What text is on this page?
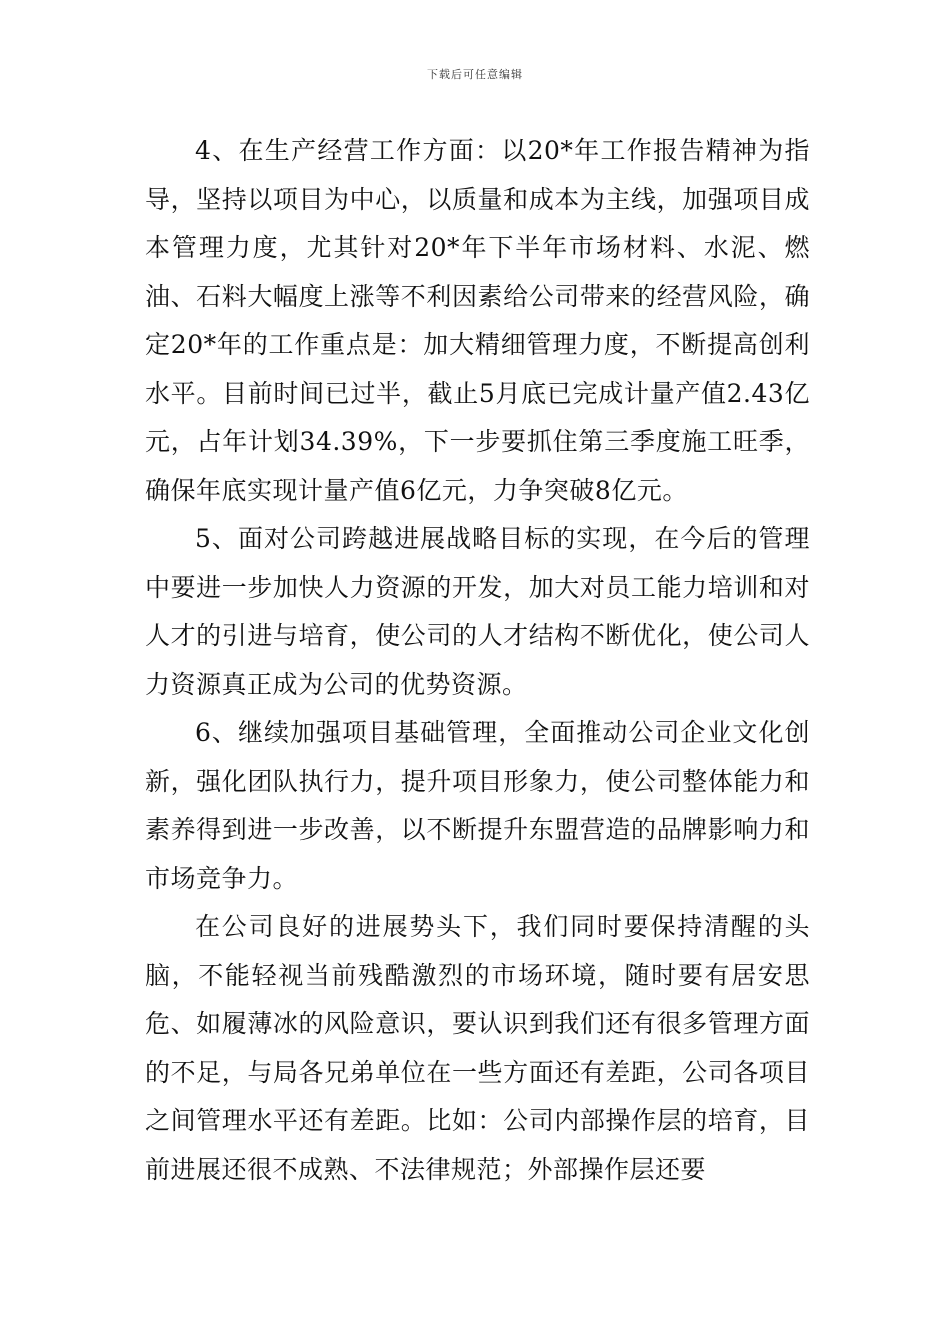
下载后可任意编辑

4、在生产经营工作方面：以20*年工作报告精神为指导，坚持以项目为中心，以质量和成本为主线，加强项目成本管理力度，尤其针对20*年下半年市场材料、水泥、燃油、石料大幅度上涨等不利因素给公司带来的经营风险，确定20*年的工作重点是：加大精细管理力度，不断提高创利水平。目前时间已过半，截止5月底已完成计量产值2.43亿元，占年计划34.39%，下一步要抓住第三季度施工旺季，确保年底实现计量产值6亿元，力争突破8亿元。

5、面对公司跨越进展战略目标的实现，在今后的管理中要进一步加快人力资源的开发，加大对员工能力培训和对人才的引进与培育，使公司的人才结构不断优化，使公司人力资源真正成为公司的优势资源。

6、继续加强项目基础管理，全面推动公司企业文化创新，强化团队执行力，提升项目形象力，使公司整体能力和素养得到进一步改善，以不断提升东盟营造的品牌影响力和市场竞争力。

在公司良好的进展势头下，我们同时要保持清醒的头脑，不能轻视当前残酷激烈的市场环境，随时要有居安思危、如履薄冰的风险意识，要认识到我们还有很多管理方面的不足，与局各兄弟单位在一些方面还有差距，公司各项目之间管理水平还有差距。比如：公司内部操作层的培育，目前进展还很不成熟、不法律规范；外部操作层还要
